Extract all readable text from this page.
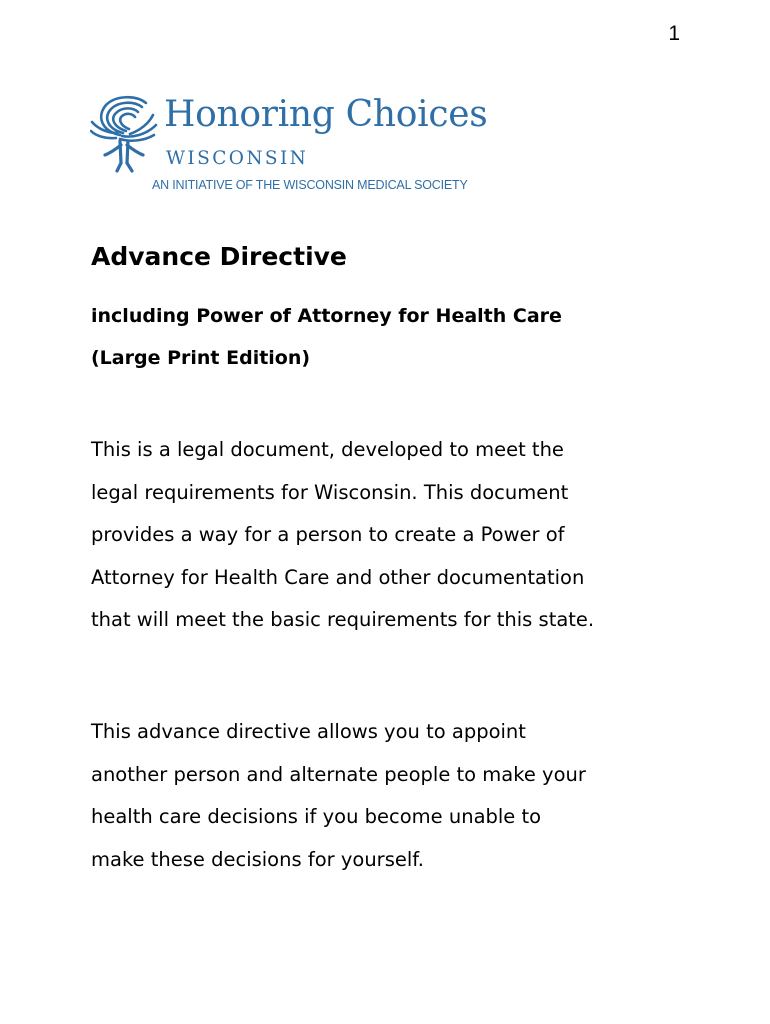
1
Honoring Choices
WISCONSIN
AN INITIATIVE OF THE WISCONSIN MEDICAL SOCIETY
Advance Directive

including Power of Attorney for Health Care
(Large Print Edition)

This is a legal document, developed to meet the
legal requirements for Wisconsin. This document
provides a way for a person to create a Power of
Attorney for Health Care and other documentation
that will meet the basic requirements for this state.

This advance directive allows you to appoint
another person and alternate people to make your
health care decisions if you become unable to
make these decisions for yourself.
